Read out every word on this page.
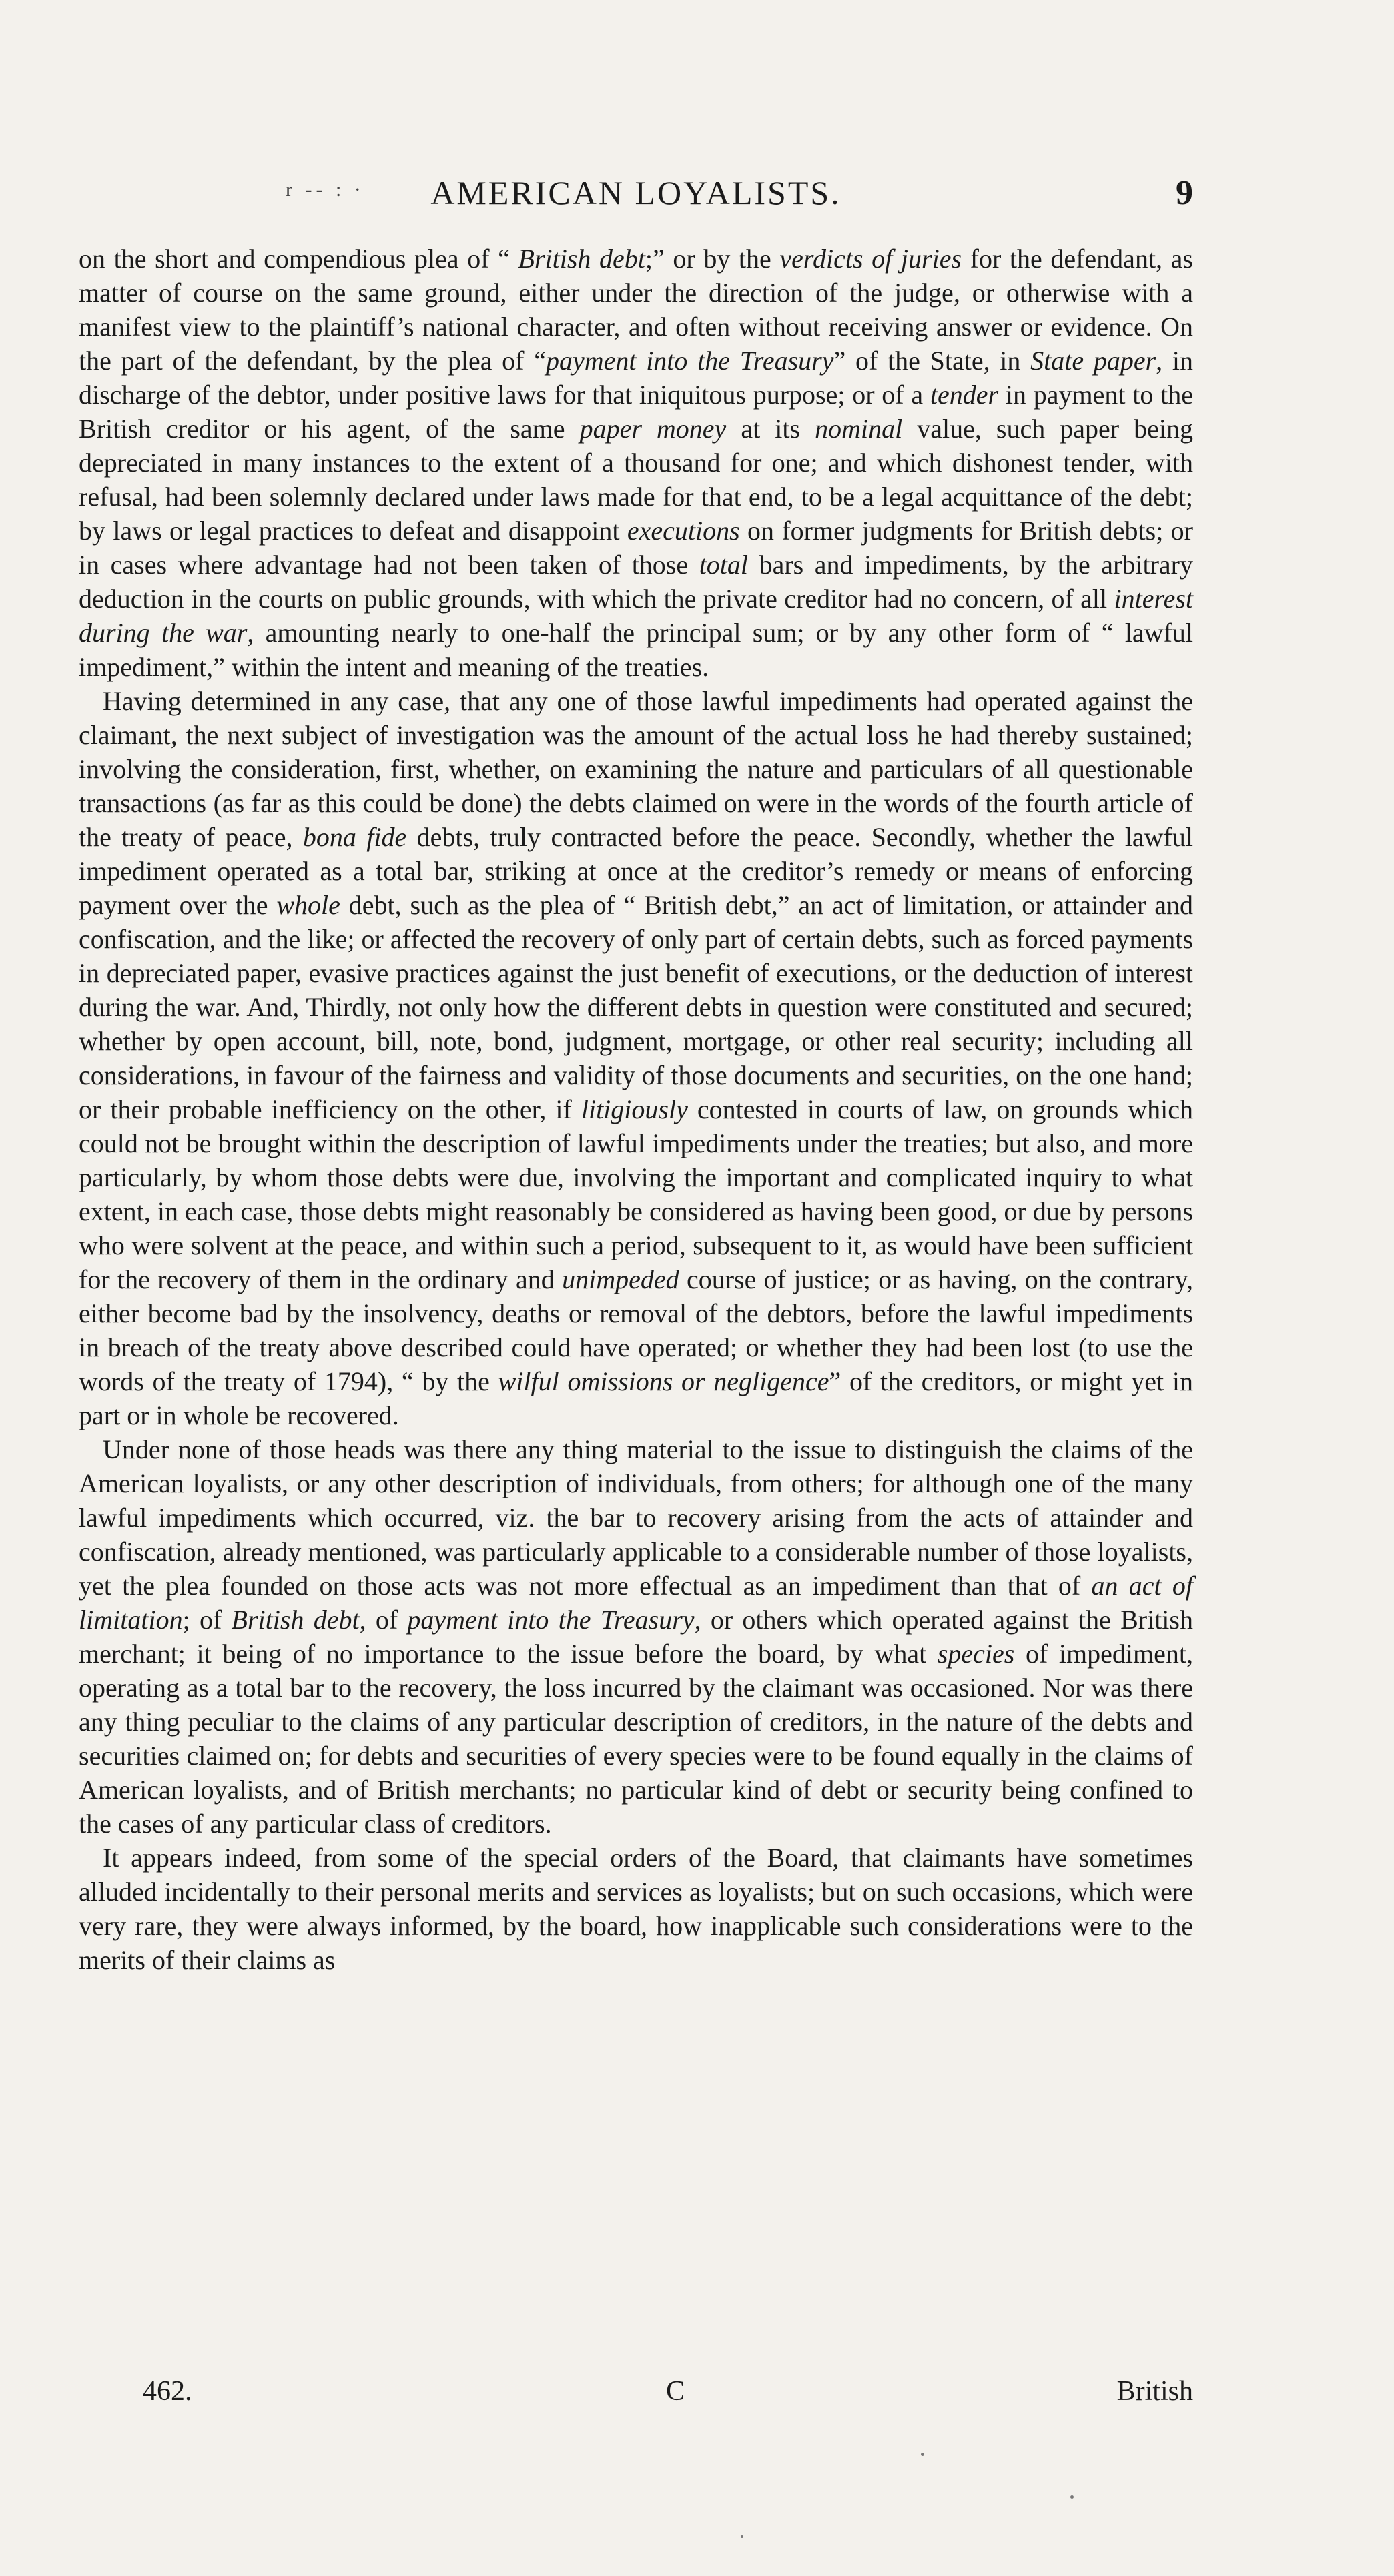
r -- : ·	AMERICAN LOYALISTS.	9

on the short and compendious plea of “ British debt;” or by the verdicts of juries for the defendant, as matter of course on the same ground, either under the direction of the judge, or otherwise with a manifest view to the plaintiff’s national character, and often without receiving answer or evidence. On the part of the defendant, by the plea of “payment into the Treasury” of the State, in State paper, in discharge of the debtor, under positive laws for that iniquitous purpose; or of a tender in payment to the British creditor or his agent, of the same paper money at its nominal value, such paper being depreciated in many instances to the extent of a thousand for one; and which dishonest tender, with refusal, had been solemnly declared under laws made for that end, to be a legal acquittance of the debt; by laws or legal practices to defeat and disappoint executions on former judgments for British debts; or in cases where advantage had not been taken of those total bars and impediments, by the arbitrary deduction in the courts on public grounds, with which the private creditor had no concern, of all interest during the war, amounting nearly to one-half the principal sum; or by any other form of “ lawful impediment,” within the intent and meaning of the treaties.

Having determined in any case, that any one of those lawful impediments had operated against the claimant, the next subject of investigation was the amount of the actual loss he had thereby sustained; involving the consideration, first, whether, on examining the nature and particulars of all questionable transactions (as far as this could be done) the debts claimed on were in the words of the fourth article of the treaty of peace, bona fide debts, truly contracted before the peace. Secondly, whether the lawful impediment operated as a total bar, striking at once at the creditor’s remedy or means of enforcing payment over the whole debt, such as the plea of “ British debt,” an act of limitation, or attainder and confiscation, and the like; or affected the recovery of only part of certain debts, such as forced payments in depreciated paper, evasive practices against the just benefit of executions, or the deduction of interest during the war. And, Thirdly, not only how the different debts in question were constituted and secured; whether by open account, bill, note, bond, judgment, mortgage, or other real security; including all considerations, in favour of the fairness and validity of those documents and securities, on the one hand; or their probable inefficiency on the other, if litigiously contested in courts of law, on grounds which could not be brought within the description of lawful impediments under the treaties; but also, and more particularly, by whom those debts were due, involving the important and complicated inquiry to what extent, in each case, those debts might reasonably be considered as having been good, or due by persons who were solvent at the peace, and within such a period, subsequent to it, as would have been sufficient for the recovery of them in the ordinary and unimpeded course of justice; or as having, on the contrary, either become bad by the insolvency, deaths or removal of the debtors, before the lawful impediments in breach of the treaty above described could have operated; or whether they had been lost (to use the words of the treaty of 1794), “ by the wilful omissions or negligence” of the creditors, or might yet in part or in whole be recovered.

Under none of those heads was there any thing material to the issue to distinguish the claims of the American loyalists, or any other description of individuals, from others; for although one of the many lawful impediments which occurred, viz. the bar to recovery arising from the acts of attainder and confiscation, already mentioned, was particularly applicable to a considerable number of those loyalists, yet the plea founded on those acts was not more effectual as an impediment than that of an act of limitation; of British debt, of payment into the Treasury, or others which operated against the British merchant; it being of no importance to the issue before the board, by what species of impediment, operating as a total bar to the recovery, the loss incurred by the claimant was occasioned. Nor was there any thing peculiar to the claims of any particular description of creditors, in the nature of the debts and securities claimed on; for debts and securities of every species were to be found equally in the claims of American loyalists, and of British merchants; no particular kind of debt or security being confined to the cases of any particular class of creditors.

It appears indeed, from some of the special orders of the Board, that claimants have sometimes alluded incidentally to their personal merits and services as loyalists; but on such occasions, which were very rare, they were always informed, by the board, how inapplicable such considerations were to the merits of their claims as

462.	C	British
